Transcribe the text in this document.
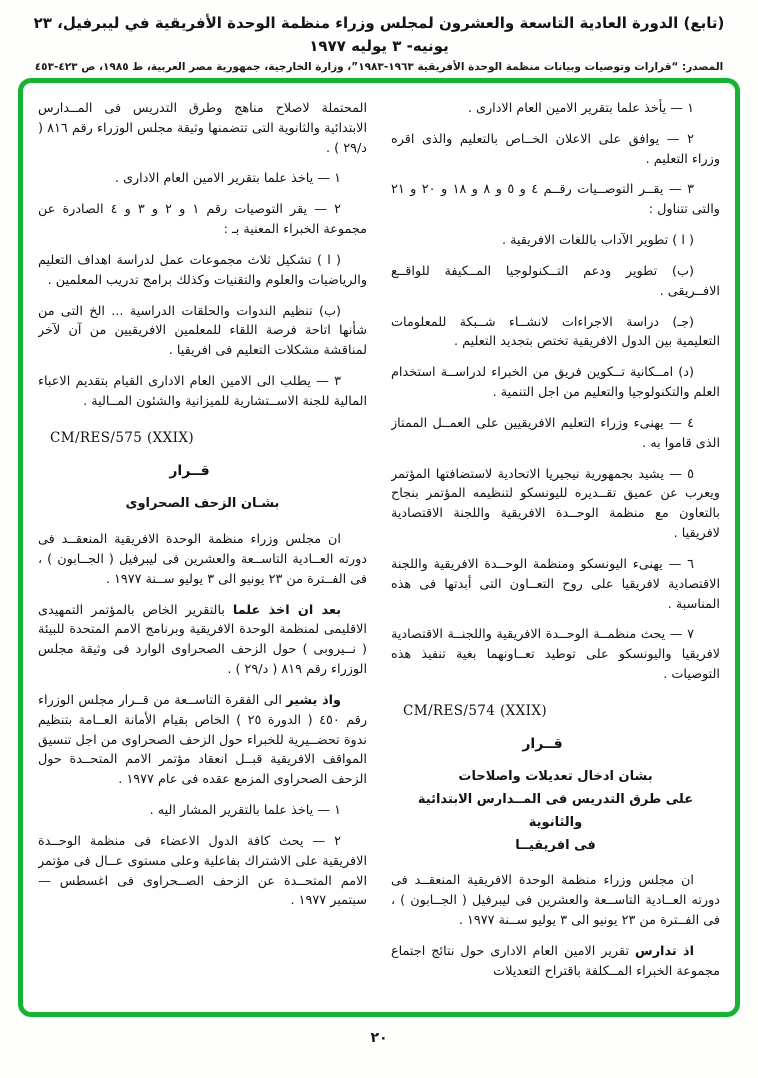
(تابع) الدورة العادية التاسعة والعشرون لمجلس وزراء منظمة الوحدة الأفريقية في ليبرفيل، ٢٣ يونيه- ٣ يوليه ١٩٧٧
المصدر: “قرارات وتوصيات وبيانات منظمة الوحدة الأفريقية ١٩٦٣-١٩٨٣”، وزارة الخارجية، جمهورية مصر العربية، ط ١٩٨٥، ص ٤٢٣-٤٥٣

١ — يأخذ علما بتقرير الامين العام الادارى .

٢ — يوافق على الاعلان الخــاص بالتعليم والذى اقره وزراء التعليم .

٣ — يقــر التوصــيات رقــم ٤ و ٥ و ٨ و ١٨ و ٢٠ و ٢١ والتى تتناول :

( ا ) تطوير الآداب باللغات الافريقية .

(ب) تطوير ودعم التــكنولوجيا المــكيفة للواقــع الافــريقى .

(جـ) دراسة الاجراءات لانشــاء شــبكة للمعلومات التعليمية بين الدول الافريقية تختص بتجديد التعليم .

(د) امــكانية تــكوين فريق من الخبراء لدراســة استخدام العلم والتكنولوجيا والتعليم من اجل التنمية .

٤ — يهنىء وزراء التعليم الافريقيين على العمــل الممتاز الذى قاموا به .

٥ — يشيد بجمهورية نيجيريا الاتحادية لاستضافتها المؤتمر ويعرب عن عميق تقــديره لليونسكو لتنظيمه المؤتمر بنجاح بالتعاون مع منظمة الوحــدة الافريقية واللجنة الاقتصادية لافريقيا .

٦ — يهنىء اليونسكو ومنظمة الوحــدة الافريقية واللجنة الاقتصادية لافريقيا على روح التعــاون التى أبدتها فى هذه المناسبة .

٧ — يحث منظمــة الوحــدة الافريقية واللجنــة الاقتصادية لافريقيا واليونسكو على توطيد تعــاونهما بغية تنفيذ هذه التوصيات .

CM/RES/574 (XXIX)

قــرار

بشان ادخال تعديلات واصلاحات
على طرق التدريس فى المــدارس الابتدائية والثانوية
فى افريقيــا

ان مجلس وزراء منظمة الوحدة الافريقية المنعقــد فى دورته العــادية التاســعة والعشرين فى ليبرفيل ( الجــابون ) ، فى الفــترة من ٢٣ يونيو الى ٣ يوليو ســنة ١٩٧٧ .

اذ تدارس تقرير الامين العام الادارى حول نتائج اجتماع مجموعة الخبراء المــكلفة باقتراح التعديلات

المحتملة لاصلاح مناهج وطرق التدريس فى المــدارس الابتدائية والثانوية التى تتضمنها وثيقة مجلس الوزراء رقم ٨١٦ ( د/٢٩ ) .

١ — ياخذ علما بتقرير الامين العام الادارى .

٢ — يقر التوصيات رقم ١ و ٢ و ٣ و ٤ الصادرة عن مجموعة الخبراء المعنية بـ :

( ا ) تشكيل ثلاث مجموعات عمل لدراسة اهداف التعليم والرياضيات والعلوم والتقنيات وكذلك برامج تدريب المعلمين .

(ب) تنظيم الندوات والحلقات الدراسية ... الخ التى من شأنها اتاحة فرصة اللقاء للمعلمين الافريقيين من آن لآخر لمناقشة مشكلات التعليم فى افريقيا .

٣ — يطلب الى الامين العام الادارى القيام بتقديم الاعباء المالية للجنة الاســتشارية للميزانية والشئون المــالية .

CM/RES/575 (XXIX)

قــرار

بشـان الزحف الصحراوى

ان مجلس وزراء منظمة الوحدة الافريقية المنعقــد فى دورته العــادية التاســعة والعشرين فى ليبرفيل ( الجــابون ) ، فى الفــترة من ٢٣ يونيو الى ٣ يوليو ســنة ١٩٧٧ .

بعد ان اخذ علما بالتقرير الخاص بالمؤتمر التمهيدى الاقليمى لمنظمة الوحدة الافريقية وبرنامج الامم المتحدة للبيئة ( نــيروبى ) حول الزحف الصحراوى الوارد فى وثيقة مجلس الوزراء رقم ٨١٩ ( د/٢٩ ) .

واذ يشير الى الفقرة التاســعة من قــرار مجلس الوزراء رقم ٤٥٠ ( الدورة ٢٥ ) الخاص بقيام الأمانة العــامة بتنظيم ندوة تحضــيرية للخبراء حول الزحف الصحراوى من اجل تنسيق المواقف الافريقية قبــل انعقاد مؤتمر الامم المتحــدة حول الزحف الصحراوى المزمع عقده فى عام ١٩٧٧ .

١ — ياخذ علما بالتقرير المشار اليه .

٢ — يحث كافة الدول الاعضاء فى منظمة الوحــدة الافريقية على الاشتراك بفاعلية وعلى مستوى عــال فى مؤتمر الامم المتحــدة عن الزحف الصــحراوى فى اغسطس — سبتمبر ١٩٧٧ .

٢٠
